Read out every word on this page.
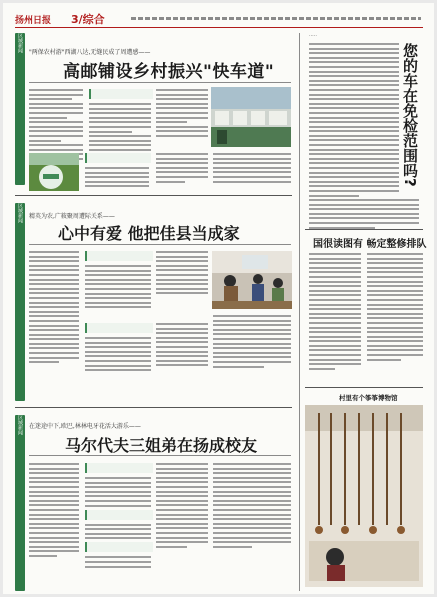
扬州日报 3/综合
区域新闻	"两保农村游"西湖八达,无缝民成了周遭感——
高邮铺设乡村振兴"快车道"
区域新闻	精英为农,广筱聚周遭际关系——
心中有爱 他把佳县当成家
区域新闻	在迷途中下,欧巴,林林电牙花活大游乐——
马尔代夫三姐弟在扬成校友
·····
您的车在免检范围吗?
国很读图有 畅定整修排队
村里有个筝筝博物馆
